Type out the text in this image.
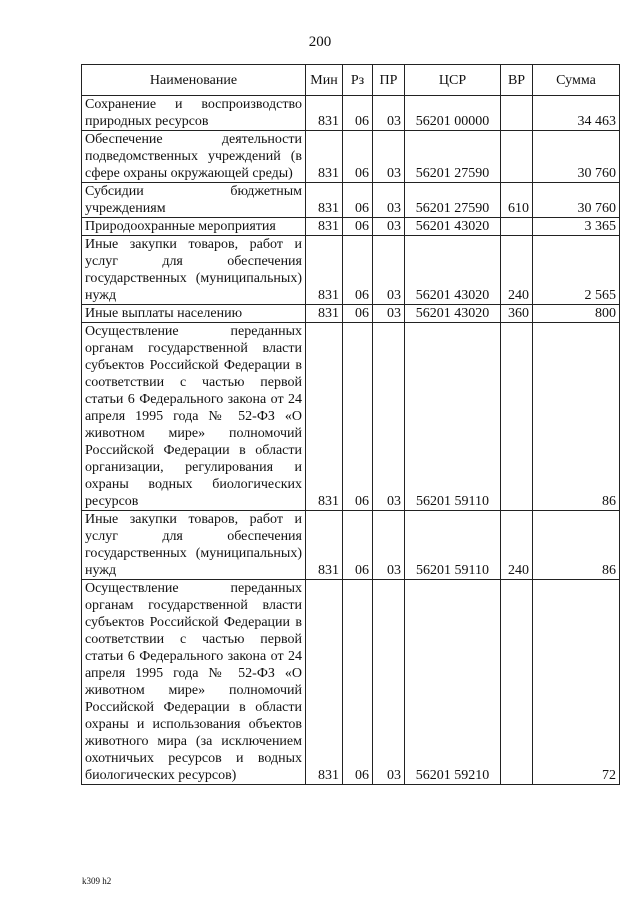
200
Наименование	Мин	Рз	ПР	ЦСР	ВР	Сумма
Сохранение и воспроизводство природных ресурсов	831	06	03	56201 00000		34 463
Обеспечение деятельности подведомственных учреждений (в сфере охраны окружающей среды)	831	06	03	56201 27590		30 760
Субсидии бюджетным учреждениям	831	06	03	56201 27590	610	30 760
Природоохранные мероприятия	831	06	03	56201 43020		3 365
Иные закупки товаров, работ и услуг для обеспечения государственных (муниципальных) нужд	831	06	03	56201 43020	240	2 565
Иные выплаты населению	831	06	03	56201 43020	360	800
Осуществление переданных органам государственной власти субъектов Российской Федерации в соответствии с частью первой статьи 6 Федерального закона от 24 апреля 1995 года № 52-ФЗ «О животном мире» полномочий Российской Федерации в области организации, регулирования и охраны водных биологических ресурсов	831	06	03	56201 59110		86
Иные закупки товаров, работ и услуг для обеспечения государственных (муниципальных) нужд	831	06	03	56201 59110	240	86
Осуществление переданных органам государственной власти субъектов Российской Федерации в соответствии с частью первой статьи 6 Федерального закона от 24 апреля 1995 года № 52-ФЗ «О животном мире» полномочий Российской Федерации в области охраны и использования объектов животного мира (за исключением охотничьих ресурсов и водных биологических ресурсов)	831	06	03	56201 59210		72
k309 h2
